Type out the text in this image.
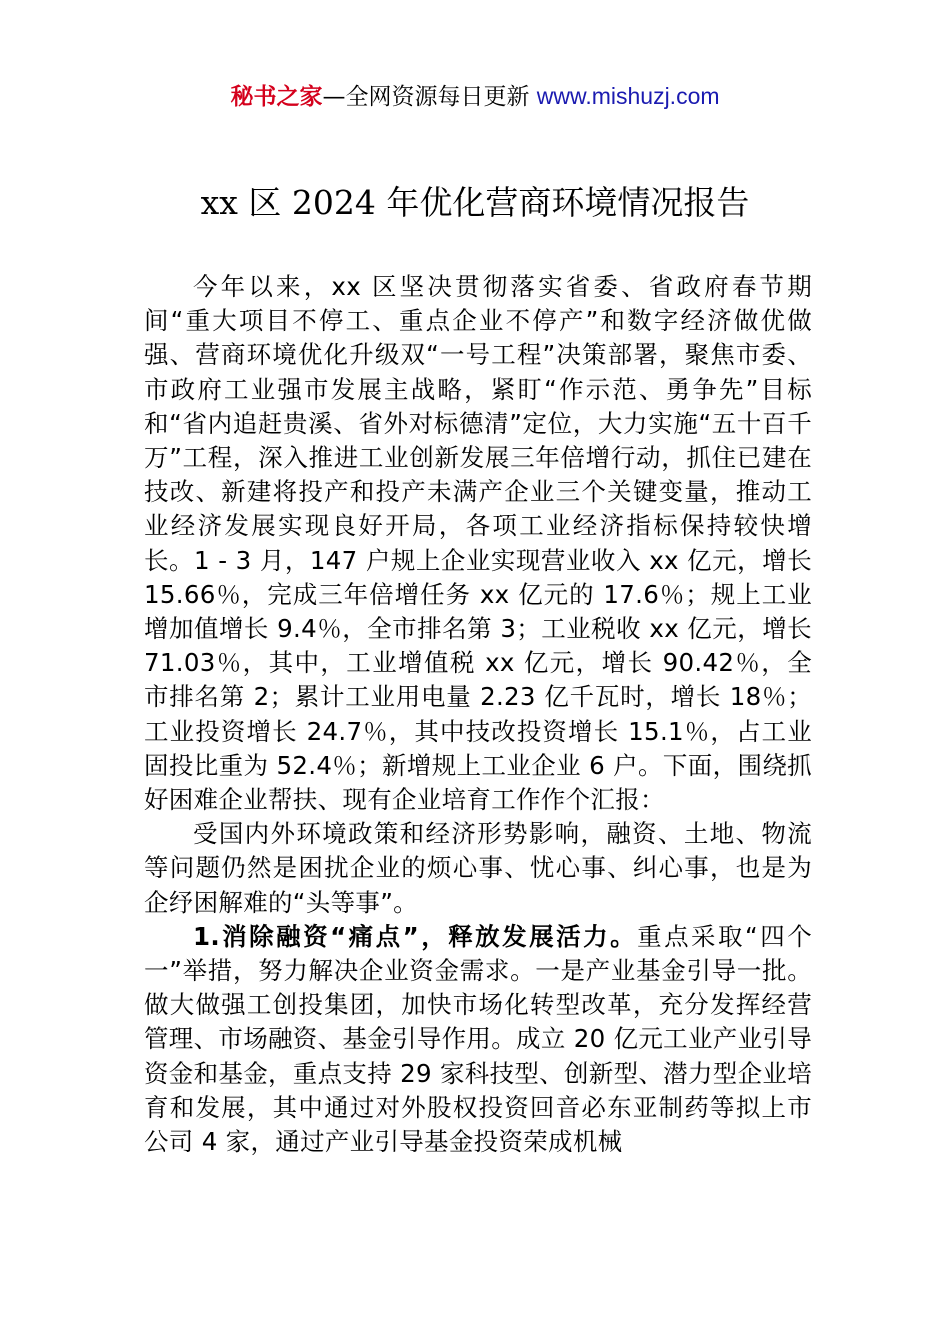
秘书之家—全网资源每日更新 www.mishuzj.com
xx 区 2024 年优化营商环境情况报告

今年以来，xx 区坚决贯彻落实省委、省政府春节期间“重大项目不停工、重点企业不停产”和数字经济做优做强、营商环境优化升级双“一号工程”决策部署，聚焦市委、市政府工业强市发展主战略，紧盯“作示范、勇争先”目标和“省内追赶贵溪、省外对标德清”定位，大力实施“五十百千万”工程，深入推进工业创新发展三年倍增行动，抓住已建在技改、新建将投产和投产未满产企业三个关键变量，推动工业经济发展实现良好开局，各项工业经济指标保持较快增长。1 - 3 月，147 户规上企业实现营业收入 xx 亿元，增长 15.66％，完成三年倍增任务 xx 亿元的 17.6％；规上工业增加值增长 9.4％，全市排名第 3；工业税收 xx 亿元，增长 71.03％，其中，工业增值税 xx 亿元，增长 90.42％，全市排名第 2；累计工业用电量 2.23 亿千瓦时，增长 18％；工业投资增长 24.7％，其中技改投资增长 15.1％，占工业固投比重为 52.4％；新增规上工业企业 6 户。下面，围绕抓好困难企业帮扶、现有企业培育工作作个汇报：

受国内外环境政策和经济形势影响，融资、土地、物流等问题仍然是困扰企业的烦心事、忧心事、纠心事，也是为企纾困解难的“头等事”。

1.消除融资“痛点”，释放发展活力。重点采取“四个一”举措，努力解决企业资金需求。一是产业基金引导一批。做大做强工创投集团，加快市场化转型改革，充分发挥经营管理、市场融资、基金引导作用。成立 20 亿元工业产业引导资金和基金，重点支持 29 家科技型、创新型、潜力型企业培育和发展，其中通过对外股权投资回音必东亚制药等拟上市公司 4 家，通过产业引导基金投资荣成机械
